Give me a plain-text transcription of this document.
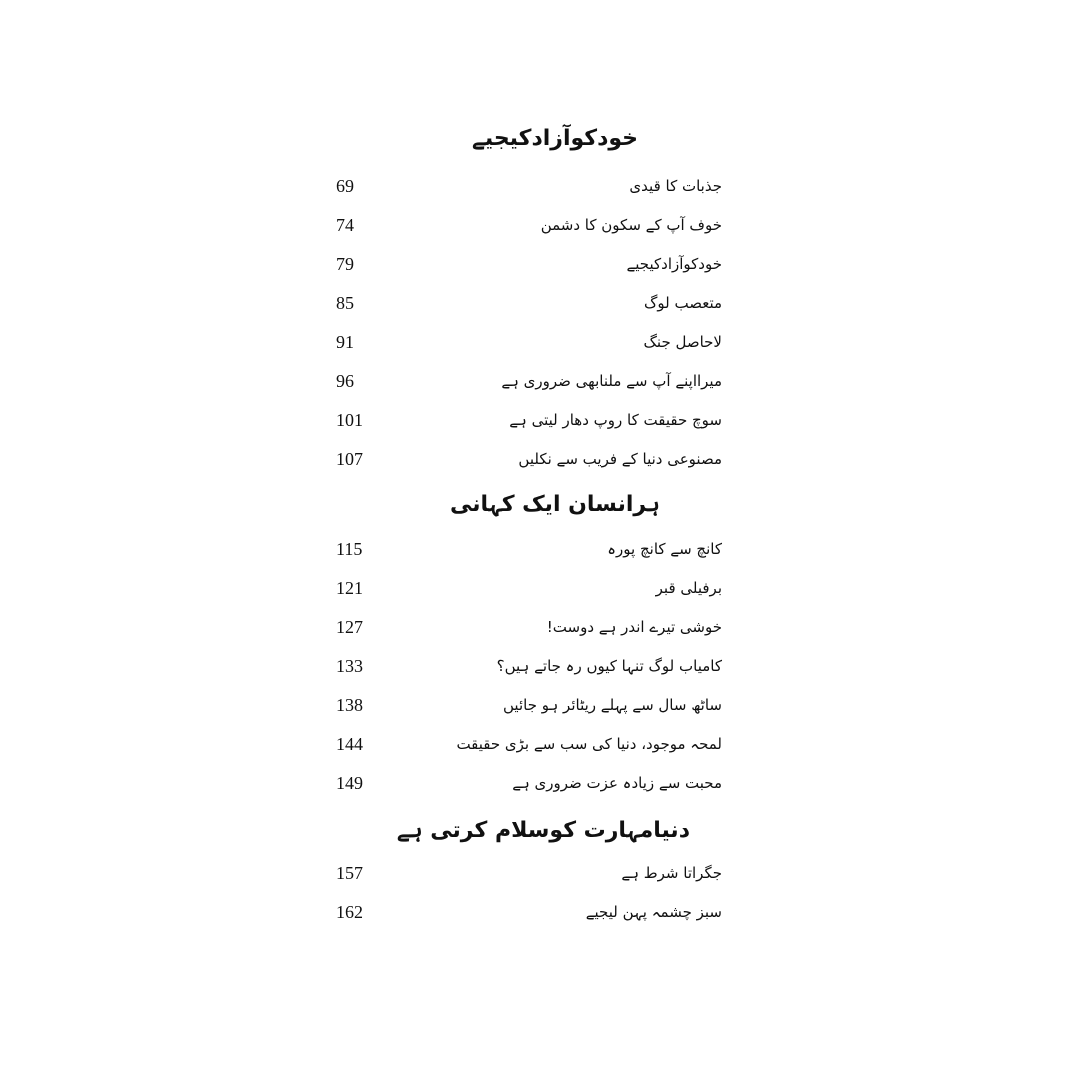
خودکوآزادکیجیے
جذبات کا قیدی
69
خوف آپ کے سکون کا دشمن
74
خودکوآزادکیجیے
79
متعصب لوگ
85
لاحاصل جنگ
91
میرااپنے آپ سے ملنابھی ضروری ہے
96
سوچ حقیقت کا روپ دھار لیتی ہے
101
مصنوعی دنیا کے فریب سے نکلیں
107
ہرانسان ایک کہانی
کانچ سے کانچ پورہ
115
برفیلی قبر
121
خوشی تیرے اندر ہے دوست!
127
کامیاب لوگ تنہا کیوں رہ جاتے ہیں؟
133
ساٹھ سال سے پہلے ریٹائر ہو جائیں
138
لمحہ موجود، دنیا کی سب سے بڑی حقیقت
144
محبت سے زیادہ عزت ضروری ہے
149
دنیامہارت کوسلام کرتی ہے
جگراتا شرط ہے
157
سبز چشمہ پہن لیجیے
162
